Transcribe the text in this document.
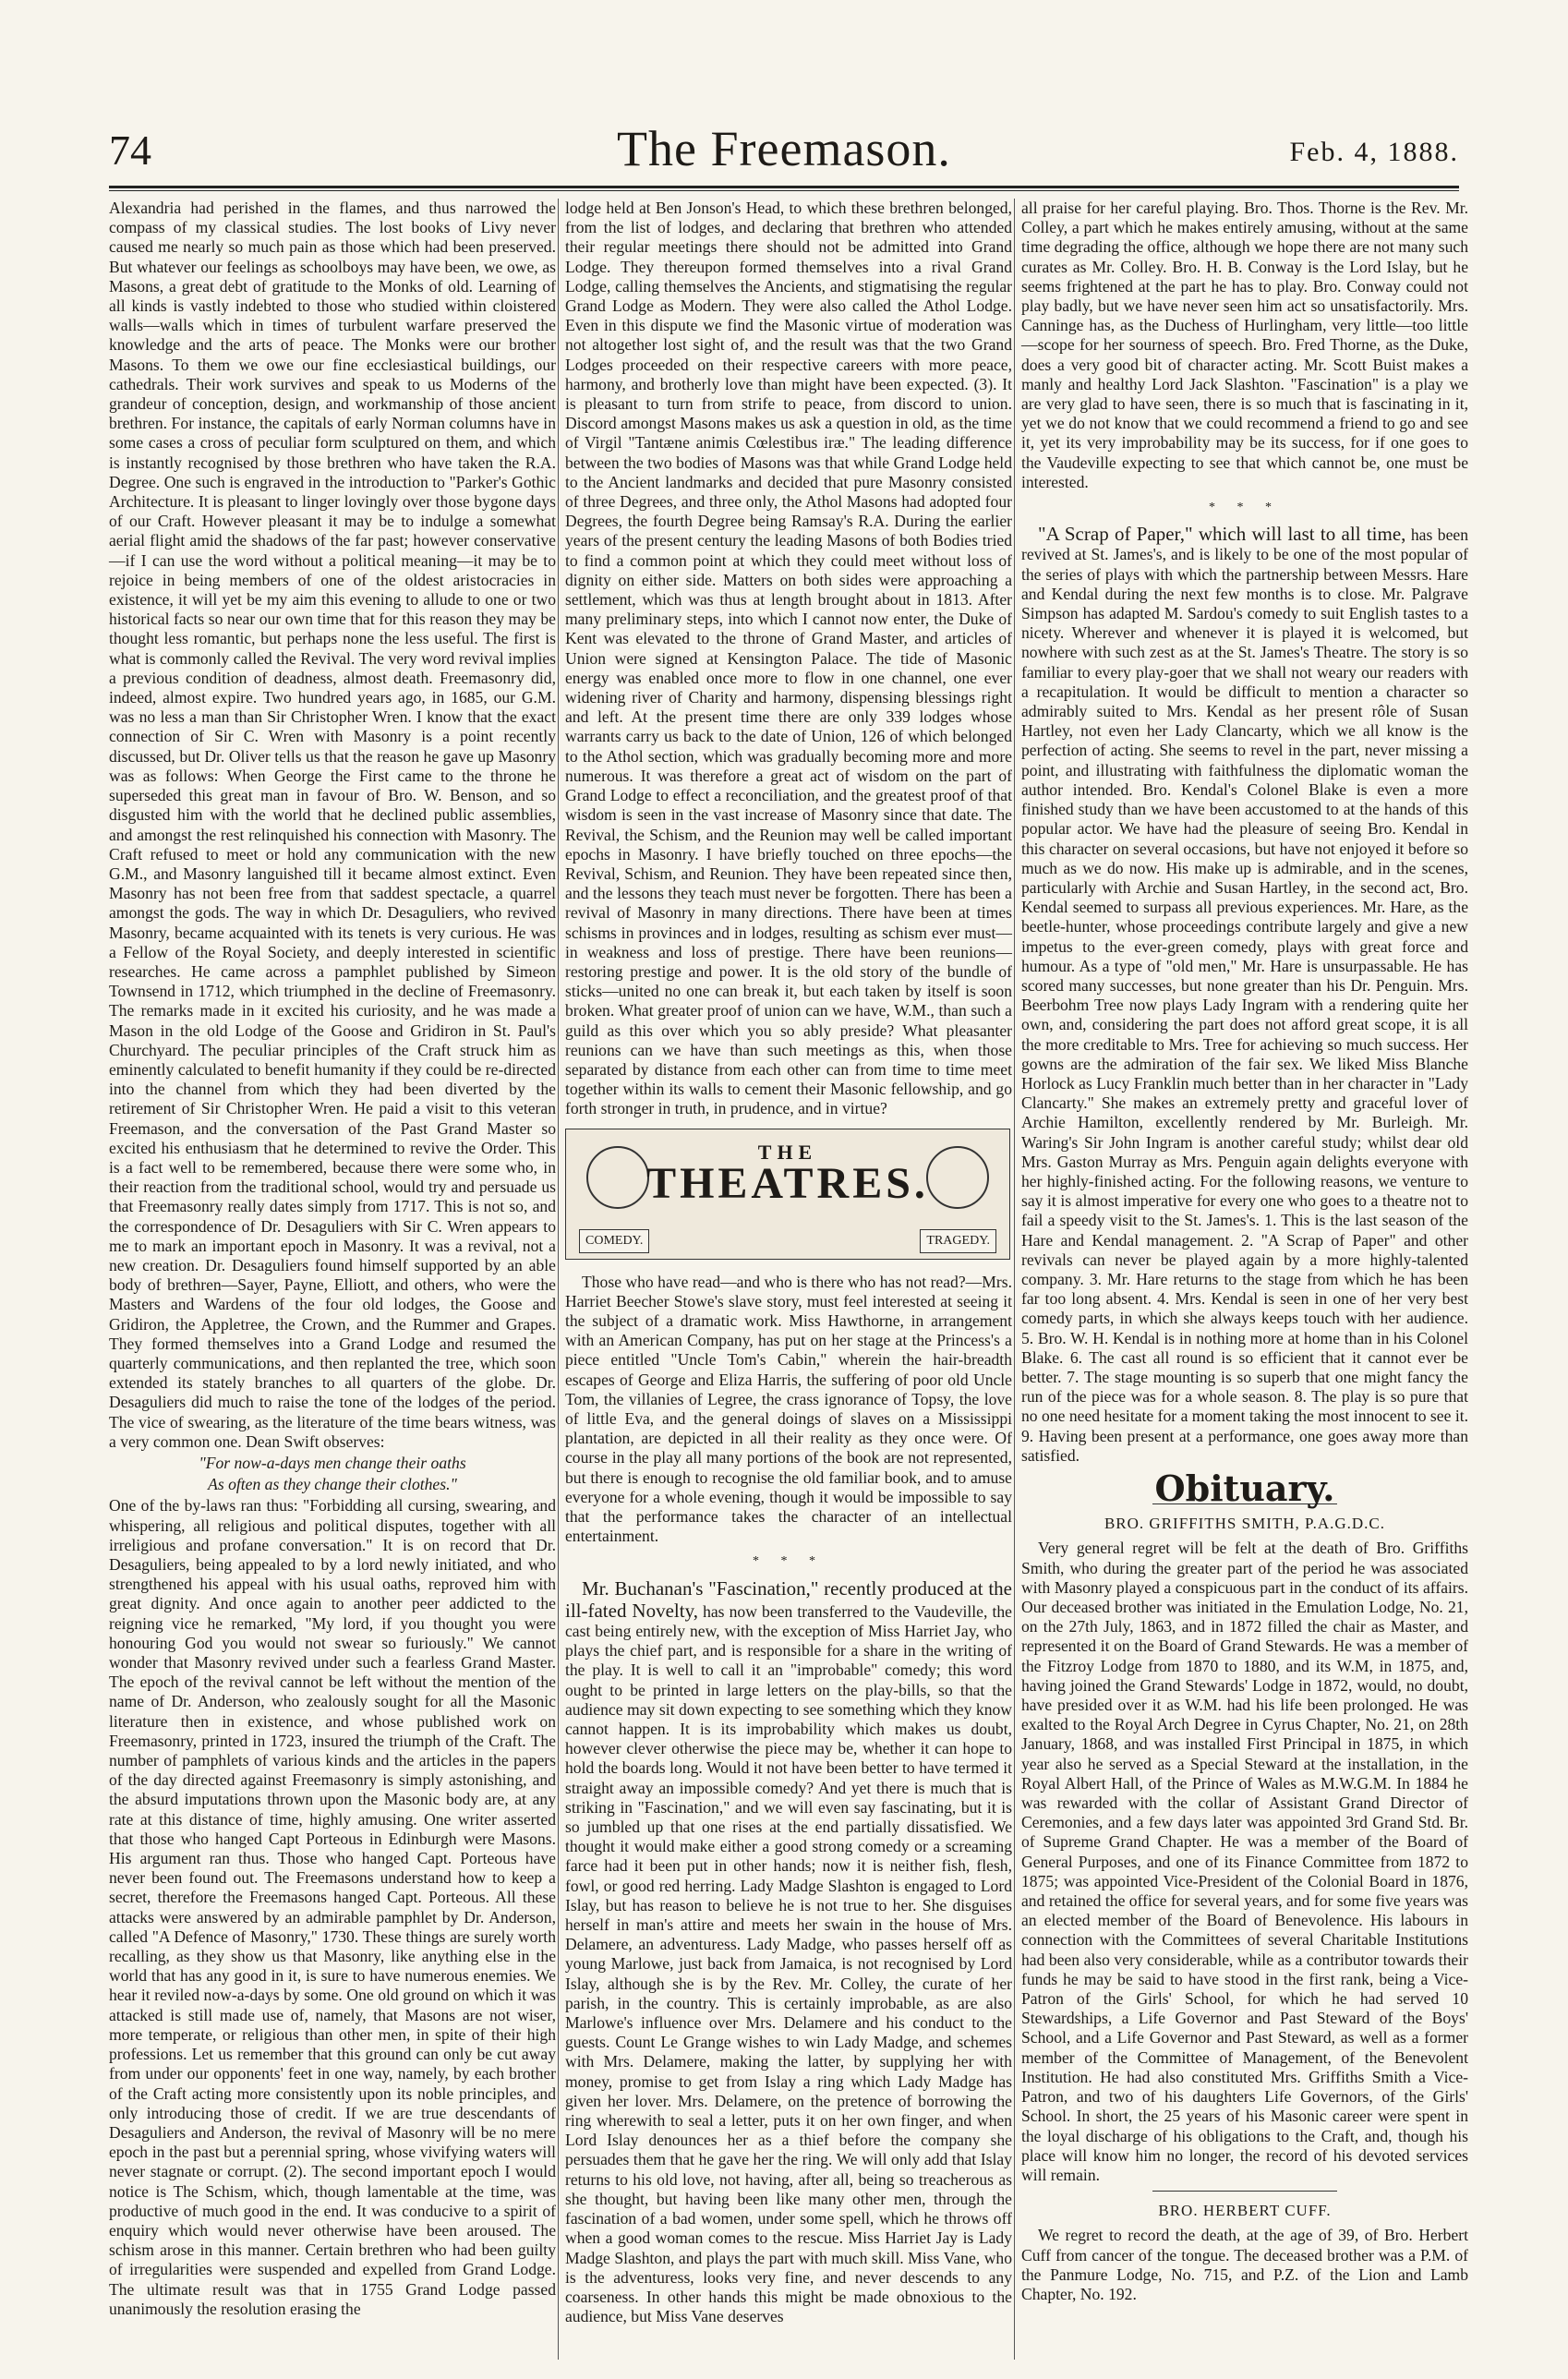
74	The Freemason.	Feb. 4, 1888.

Alexandria had perished in the flames, and thus narrowed the compass of my classical studies. The lost books of Livy never caused me nearly so much pain as those which had been preserved. But whatever our feelings as schoolboys may have been, we owe, as Masons, a great debt of gratitude to the Monks of old. Learning of all kinds is vastly indebted to those who studied within cloistered walls—walls which in times of turbulent warfare preserved the knowledge and the arts of peace. The Monks were our brother Masons. To them we owe our fine ecclesiastical buildings, our cathedrals. Their work survives and speak to us Moderns of the grandeur of conception, design, and workmanship of those ancient brethren. For instance, the capitals of early Norman columns have in some cases a cross of peculiar form sculptured on them, and which is instantly recognised by those brethren who have taken the R.A. Degree. One such is engraved in the introduction to "Parker's Gothic Architecture. It is pleasant to linger lovingly over those bygone days of our Craft. However pleasant it may be to indulge a somewhat aerial flight amid the shadows of the far past; however conservative—if I can use the word without a political meaning—it may be to rejoice in being members of one of the oldest aristocracies in existence, it will yet be my aim this evening to allude to one or two historical facts so near our own time that for this reason they may be thought less romantic, but perhaps none the less useful. The first is what is commonly called the Revival. The very word revival implies a previous condition of deadness, almost death. Freemasonry did, indeed, almost expire. Two hundred years ago, in 1685, our G.M. was no less a man than Sir Christopher Wren. I know that the exact connection of Sir C. Wren with Masonry is a point recently discussed, but Dr. Oliver tells us that the reason he gave up Masonry was as follows: When George the First came to the throne he superseded this great man in favour of Bro. W. Benson, and so disgusted him with the world that he declined public assemblies, and amongst the rest relinquished his connection with Masonry. The Craft refused to meet or hold any communication with the new G.M., and Masonry languished till it became almost extinct. Even Masonry has not been free from that saddest spectacle, a quarrel amongst the gods. The way in which Dr. Desaguliers, who revived Masonry, became acquainted with its tenets is very curious. He was a Fellow of the Royal Society, and deeply interested in scientific researches. He came across a pamphlet published by Simeon Townsend in 1712, which triumphed in the decline of Freemasonry. The remarks made in it excited his curiosity, and he was made a Mason in the old Lodge of the Goose and Gridiron in St. Paul's Churchyard. The peculiar principles of the Craft struck him as eminently calculated to benefit humanity if they could be re-directed into the channel from which they had been diverted by the retirement of Sir Christopher Wren. He paid a visit to this veteran Freemason, and the conversation of the Past Grand Master so excited his enthusiasm that he determined to revive the Order. This is a fact well to be remembered, because there were some who, in their reaction from the traditional school, would try and persuade us that Freemasonry really dates simply from 1717. This is not so, and the correspondence of Dr. Desaguliers with Sir C. Wren appears to me to mark an important epoch in Masonry. It was a revival, not a new creation. Dr. Desaguliers found himself supported by an able body of brethren—Sayer, Payne, Elliott, and others, who were the Masters and Wardens of the four old lodges, the Goose and Gridiron, the Appletree, the Crown, and the Rummer and Grapes. They formed themselves into a Grand Lodge and resumed the quarterly communications, and then replanted the tree, which soon extended its stately branches to all quarters of the globe. Dr. Desaguliers did much to raise the tone of the lodges of the period. The vice of swearing, as the literature of the time bears witness, was a very common one. Dean Swift observes:

"For now-a-days men change their oaths
As often as they change their clothes."

One of the by-laws ran thus: "Forbidding all cursing, swearing, and whispering, all religious and political disputes, together with all irreligious and profane conversation." It is on record that Dr. Desaguliers, being appealed to by a lord newly initiated, and who strengthened his appeal with his usual oaths, reproved him with great dignity. And once again to another peer addicted to the reigning vice he remarked, "My lord, if you thought you were honouring God you would not swear so furiously." We cannot wonder that Masonry revived under such a fearless Grand Master. The epoch of the revival cannot be left without the mention of the name of Dr. Anderson, who zealously sought for all the Masonic literature then in existence, and whose published work on Freemasonry, printed in 1723, insured the triumph of the Craft. The number of pamphlets of various kinds and the articles in the papers of the day directed against Freemasonry is simply astonishing, and the absurd imputations thrown upon the Masonic body are, at any rate at this distance of time, highly amusing. One writer asserted that those who hanged Capt Porteous in Edinburgh were Masons. His argument ran thus. Those who hanged Capt. Porteous have never been found out. The Freemasons understand how to keep a secret, therefore the Freemasons hanged Capt. Porteous. All these attacks were answered by an admirable pamphlet by Dr. Anderson, called "A Defence of Masonry," 1730. These things are surely worth recalling, as they show us that Masonry, like anything else in the world that has any good in it, is sure to have numerous enemies. We hear it reviled now-a-days by some. One old ground on which it was attacked is still made use of, namely, that Masons are not wiser, more temperate, or religious than other men, in spite of their high professions. Let us remember that this ground can only be cut away from under our opponents' feet in one way, namely, by each brother of the Craft acting more consistently upon its noble principles, and only introducing those of credit. If we are true descendants of Desaguliers and Anderson, the revival of Masonry will be no mere epoch in the past but a perennial spring, whose vivifying waters will never stagnate or corrupt. (2). The second important epoch I would notice is The Schism, which, though lamentable at the time, was productive of much good in the end. It was conducive to a spirit of enquiry which would never otherwise have been aroused. The schism arose in this manner. Certain brethren who had been guilty of irregularities were suspended and expelled from Grand Lodge. The ultimate result was that in 1755 Grand Lodge passed unanimously the resolution erasing the

lodge held at Ben Jonson's Head, to which these brethren belonged, from the list of lodges, and declaring that brethren who attended their regular meetings there should not be admitted into Grand Lodge. They thereupon formed themselves into a rival Grand Lodge, calling themselves the Ancients, and stigmatising the regular Grand Lodge as Modern. They were also called the Athol Lodge. Even in this dispute we find the Masonic virtue of moderation was not altogether lost sight of, and the result was that the two Grand Lodges proceeded on their respective careers with more peace, harmony, and brotherly love than might have been expected. (3). It is pleasant to turn from strife to peace, from discord to union. Discord amongst Masons makes us ask a question in old, as the time of Virgil "Tantæne animis Cœlestibus iræ." The leading difference between the two bodies of Masons was that while Grand Lodge held to the Ancient landmarks and decided that pure Masonry consisted of three Degrees, and three only, the Athol Masons had adopted four Degrees, the fourth Degree being Ramsay's R.A. During the earlier years of the present century the leading Masons of both Bodies tried to find a common point at which they could meet without loss of dignity on either side. Matters on both sides were approaching a settlement, which was thus at length brought about in 1813. After many preliminary steps, into which I cannot now enter, the Duke of Kent was elevated to the throne of Grand Master, and articles of Union were signed at Kensington Palace. The tide of Masonic energy was enabled once more to flow in one channel, one ever widening river of Charity and harmony, dispensing blessings right and left. At the present time there are only 339 lodges whose warrants carry us back to the date of Union, 126 of which belonged to the Athol section, which was gradually becoming more and more numerous. It was therefore a great act of wisdom on the part of Grand Lodge to effect a reconciliation, and the greatest proof of that wisdom is seen in the vast increase of Masonry since that date. The Revival, the Schism, and the Reunion may well be called important epochs in Masonry. I have briefly touched on three epochs—the Revival, Schism, and Reunion. They have been repeated since then, and the lessons they teach must never be forgotten. There has been a revival of Masonry in many directions. There have been at times schisms in provinces and in lodges, resulting as schism ever must—in weakness and loss of prestige. There have been reunions—restoring prestige and power. It is the old story of the bundle of sticks—united no one can break it, but each taken by itself is soon broken. What greater proof of union can we have, W.M., than such a guild as this over which you so ably preside? What pleasanter reunions can we have than such meetings as this, when those separated by distance from each other can from time to time meet together within its walls to cement their Masonic fellowship, and go forth stronger in truth, in prudence, and in virtue?

THE
THEATRES.
COMEDY.	TRAGEDY.

Those who have read—and who is there who has not read?—Mrs. Harriet Beecher Stowe's slave story, must feel interested at seeing it the subject of a dramatic work. Miss Hawthorne, in arrangement with an American Company, has put on her stage at the Princess's a piece entitled "Uncle Tom's Cabin," wherein the hair-breadth escapes of George and Eliza Harris, the suffering of poor old Uncle Tom, the villanies of Legree, the crass ignorance of Topsy, the love of little Eva, and the general doings of slaves on a Mississippi plantation, are depicted in all their reality as they once were. Of course in the play all many portions of the book are not represented, but there is enough to recognise the old familiar book, and to amuse everyone for a whole evening, though it would be impossible to say that the performance takes the character of an intellectual entertainment.

* * *

Mr. Buchanan's "Fascination," recently produced at the ill-fated Novelty, has now been transferred to the Vaudeville, the cast being entirely new, with the exception of Miss Harriet Jay, who plays the chief part, and is responsible for a share in the writing of the play. It is well to call it an "improbable" comedy; this word ought to be printed in large letters on the play-bills, so that the audience may sit down expecting to see something which they know cannot happen. It is its improbability which makes us doubt, however clever otherwise the piece may be, whether it can hope to hold the boards long. Would it not have been better to have termed it straight away an impossible comedy? And yet there is much that is striking in "Fascination," and we will even say fascinating, but it is so jumbled up that one rises at the end partially dissatisfied. We thought it would make either a good strong comedy or a screaming farce had it been put in other hands; now it is neither fish, flesh, fowl, or good red herring. Lady Madge Slashton is engaged to Lord Islay, but has reason to believe he is not true to her. She disguises herself in man's attire and meets her swain in the house of Mrs. Delamere, an adventuress. Lady Madge, who passes herself off as young Marlowe, just back from Jamaica, is not recognised by Lord Islay, although she is by the Rev. Mr. Colley, the curate of her parish, in the country. This is certainly improbable, as are also Marlowe's influence over Mrs. Delamere and his conduct to the guests. Count Le Grange wishes to win Lady Madge, and schemes with Mrs. Delamere, making the latter, by supplying her with money, promise to get from Islay a ring which Lady Madge has given her lover. Mrs. Delamere, on the pretence of borrowing the ring wherewith to seal a letter, puts it on her own finger, and when Lord Islay denounces her as a thief before the company she persuades them that he gave her the ring. We will only add that Islay returns to his old love, not having, after all, being so treacherous as she thought, but having been like many other men, through the fascination of a bad women, under some spell, which he throws off when a good woman comes to the rescue. Miss Harriet Jay is Lady Madge Slashton, and plays the part with much skill. Miss Vane, who is the adventuress, looks very fine, and never descends to any coarseness. In other hands this might be made obnoxious to the audience, but Miss Vane deserves

all praise for her careful playing. Bro. Thos. Thorne is the Rev. Mr. Colley, a part which he makes entirely amusing, without at the same time degrading the office, although we hope there are not many such curates as Mr. Colley. Bro. H. B. Conway is the Lord Islay, but he seems frightened at the part he has to play. Bro. Conway could not play badly, but we have never seen him act so unsatisfactorily. Mrs. Canninge has, as the Duchess of Hurlingham, very little—too little—scope for her sourness of speech. Bro. Fred Thorne, as the Duke, does a very good bit of character acting. Mr. Scott Buist makes a manly and healthy Lord Jack Slashton. "Fascination" is a play we are very glad to have seen, there is so much that is fascinating in it, yet we do not know that we could recommend a friend to go and see it, yet its very improbability may be its success, for if one goes to the Vaudeville expecting to see that which cannot be, one must be interested.

* * *

"A Scrap of Paper," which will last to all time, has been revived at St. James's, and is likely to be one of the most popular of the series of plays with which the partnership between Messrs. Hare and Kendal during the next few months is to close. Mr. Palgrave Simpson has adapted M. Sardou's comedy to suit English tastes to a nicety. Wherever and whenever it is played it is welcomed, but nowhere with such zest as at the St. James's Theatre. The story is so familiar to every play-goer that we shall not weary our readers with a recapitulation. It would be difficult to mention a character so admirably suited to Mrs. Kendal as her present rôle of Susan Hartley, not even her Lady Clancarty, which we all know is the perfection of acting. She seems to revel in the part, never missing a point, and illustrating with faithfulness the diplomatic woman the author intended. Bro. Kendal's Colonel Blake is even a more finished study than we have been accustomed to at the hands of this popular actor. We have had the pleasure of seeing Bro. Kendal in this character on several occasions, but have not enjoyed it before so much as we do now. His make up is admirable, and in the scenes, particularly with Archie and Susan Hartley, in the second act, Bro. Kendal seemed to surpass all previous experiences. Mr. Hare, as the beetle-hunter, whose proceedings contribute largely and give a new impetus to the ever-green comedy, plays with great force and humour. As a type of "old men," Mr. Hare is unsurpassable. He has scored many successes, but none greater than his Dr. Penguin. Mrs. Beerbohm Tree now plays Lady Ingram with a rendering quite her own, and, considering the part does not afford great scope, it is all the more creditable to Mrs. Tree for achieving so much success. Her gowns are the admiration of the fair sex. We liked Miss Blanche Horlock as Lucy Franklin much better than in her character in "Lady Clancarty." She makes an extremely pretty and graceful lover of Archie Hamilton, excellently rendered by Mr. Burleigh. Mr. Waring's Sir John Ingram is another careful study; whilst dear old Mrs. Gaston Murray as Mrs. Penguin again delights everyone with her highly-finished acting. For the following reasons, we venture to say it is almost imperative for every one who goes to a theatre not to fail a speedy visit to the St. James's. 1. This is the last season of the Hare and Kendal management. 2. "A Scrap of Paper" and other revivals can never be played again by a more highly-talented company. 3. Mr. Hare returns to the stage from which he has been far too long absent. 4. Mrs. Kendal is seen in one of her very best comedy parts, in which she always keeps touch with her audience. 5. Bro. W. H. Kendal is in nothing more at home than in his Colonel Blake. 6. The cast all round is so efficient that it cannot ever be better. 7. The stage mounting is so superb that one might fancy the run of the piece was for a whole season. 8. The play is so pure that no one need hesitate for a moment taking the most innocent to see it. 9. Having been present at a performance, one goes away more than satisfied.

Obituary.
BRO. GRIFFITHS SMITH, P.A.G.D.C.

Very general regret will be felt at the death of Bro. Griffiths Smith, who during the greater part of the period he was associated with Masonry played a conspicuous part in the conduct of its affairs. Our deceased brother was initiated in the Emulation Lodge, No. 21, on the 27th July, 1863, and in 1872 filled the chair as Master, and represented it on the Board of Grand Stewards. He was a member of the Fitzroy Lodge from 1870 to 1880, and its W.M, in 1875, and, having joined the Grand Stewards' Lodge in 1872, would, no doubt, have presided over it as W.M. had his life been prolonged. He was exalted to the Royal Arch Degree in Cyrus Chapter, No. 21, on 28th January, 1868, and was installed First Principal in 1875, in which year also he served as a Special Steward at the installation, in the Royal Albert Hall, of the Prince of Wales as M.W.G.M. In 1884 he was rewarded with the collar of Assistant Grand Director of Ceremonies, and a few days later was appointed 3rd Grand Std. Br. of Supreme Grand Chapter. He was a member of the Board of General Purposes, and one of its Finance Committee from 1872 to 1875; was appointed Vice-President of the Colonial Board in 1876, and retained the office for several years, and for some five years was an elected member of the Board of Benevolence. His labours in connection with the Committees of several Charitable Institutions had been also very considerable, while as a contributor towards their funds he may be said to have stood in the first rank, being a Vice-Patron of the Girls' School, for which he had served 10 Stewardships, a Life Governor and Past Steward of the Boys' School, and a Life Governor and Past Steward, as well as a former member of the Committee of Management, of the Benevolent Institution. He had also constituted Mrs. Griffiths Smith a Vice-Patron, and two of his daughters Life Governors, of the Girls' School. In short, the 25 years of his Masonic career were spent in the loyal discharge of his obligations to the Craft, and, though his place will know him no longer, the record of his devoted services will remain.

BRO. HERBERT CUFF.

We regret to record the death, at the age of 39, of Bro. Herbert Cuff from cancer of the tongue. The deceased brother was a P.M. of the Panmure Lodge, No. 715, and P.Z. of the Lion and Lamb Chapter, No. 192.
